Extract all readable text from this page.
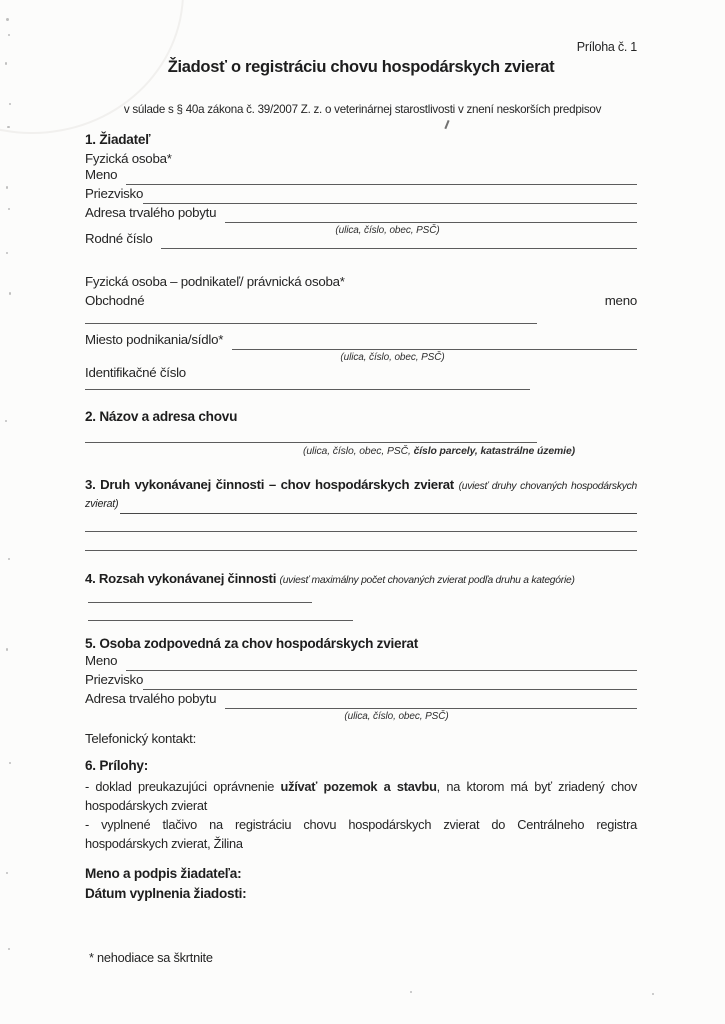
Príloha č. 1
Žiadosť o registráciu chovu hospodárskych zvierat
v súlade s § 40a zákona č. 39/2007 Z. z. o veterinárnej starostlivosti v znení neskorších predpisov
1. Žiadateľ
Fyzická osoba*
Meno
Priezvisko
Adresa trvalého pobytu
(ulica, číslo, obec, PSČ)
Rodné číslo
Fyzická osoba – podnikateľ/ právnická osoba*
Obchodné	meno
Miesto podnikania/sídlo*
(ulica, číslo, obec, PSČ)
Identifikačné číslo
2. Názov a adresa chovu
(ulica, číslo, obec, PSČ, číslo parcely, katastrálne územie)
3. Druh vykonávanej činnosti – chov hospodárskych zvierat (uviesť druhy chovaných hospodárskych
zvierat)
4. Rozsah vykonávanej činnosti (uviesť maximálny počet chovaných zvierat podľa druhu a kategórie)
5. Osoba zodpovedná za chov hospodárskych zvierat
Meno
Priezvisko
Adresa trvalého pobytu
(ulica, číslo, obec, PSČ)
Telefonický kontakt:
6. Prílohy:
- doklad preukazujúci oprávnenie užívať pozemok a stavbu, na ktorom má byť zriadený chov
hospodárskych zvierat
- vyplnené tlačivo na registráciu chovu hospodárskych zvierat do Centrálneho registra
hospodárskych zvierat, Žilina
Meno a podpis žiadateľa:
Dátum vyplnenia žiadosti:
* nehodiace sa škrtnite
